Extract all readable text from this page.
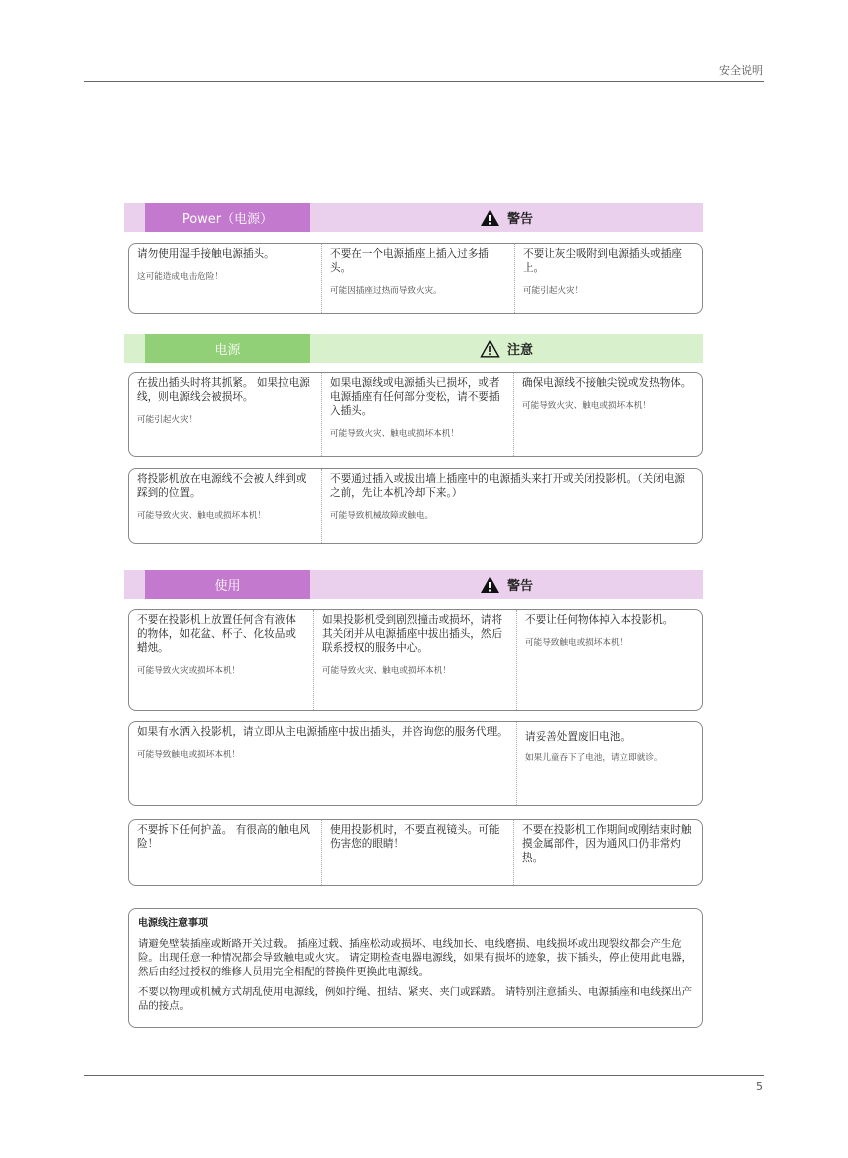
安全说明
5
Power（电源）	警告
请勿使用湿手接触电源插头。
这可能造成电击危险！
不要在一个电源插座上插入过多插头。
可能因插座过热而导致火灾。
不要让灰尘吸附到电源插头或插座上。
可能引起火灾！
电源	注意
在拔出插头时将其抓紧。 如果拉电源线，则电源线会被损坏。
可能引起火灾！
如果电源线或电源插头已损坏，或者电源插座有任何部分变松，请不要插入插头。
可能导致火灾、触电或损坏本机！
确保电源线不接触尖锐或发热物体。
可能导致火灾、触电或损坏本机！
将投影机放在电源线不会被人绊到或踩到的位置。
可能导致火灾、触电或损坏本机！
不要通过插入或拔出墙上插座中的电源插头来打开或关闭投影机。（关闭电源之前，先让本机冷却下来。）
可能导致机械故障或触电。
使用	警告
不要在投影机上放置任何含有液体的物体，如花盆、杯子、化妆品或蜡烛。
可能导致火灾或损坏本机！
如果投影机受到剧烈撞击或损坏，请将其关闭并从电源插座中拔出插头，然后联系授权的服务中心。
可能导致火灾、触电或损坏本机！
不要让任何物体掉入本投影机。
可能导致触电或损坏本机！
如果有水洒入投影机，请立即从主电源插座中拔出插头，并咨询您的服务代理。
可能导致触电或损坏本机！
请妥善处置废旧电池。
如果儿童吞下了电池，请立即就诊。
不要拆下任何护盖。 有很高的触电风险！
使用投影机时，不要直视镜头。可能伤害您的眼睛！
不要在投影机工作期间或刚结束时触摸金属部件，因为通风口仍非常灼热。
电源线注意事项
请避免壁装插座或断路开关过载。 插座过载、插座松动或损坏、电线加长、电线磨损、电线损坏或出现裂纹都会产生危险。出现任意一种情况都会导致触电或火灾。 请定期检查电器电源线，如果有损坏的迹象，拔下插头，停止使用此电器，然后由经过授权的维修人员用完全相配的替换件更换此电源线。
不要以物理或机械方式胡乱使用电源线，例如拧绳、扭结、紧夹、夹门或踩踏。 请特别注意插头、电源插座和电线探出产品的接点。
